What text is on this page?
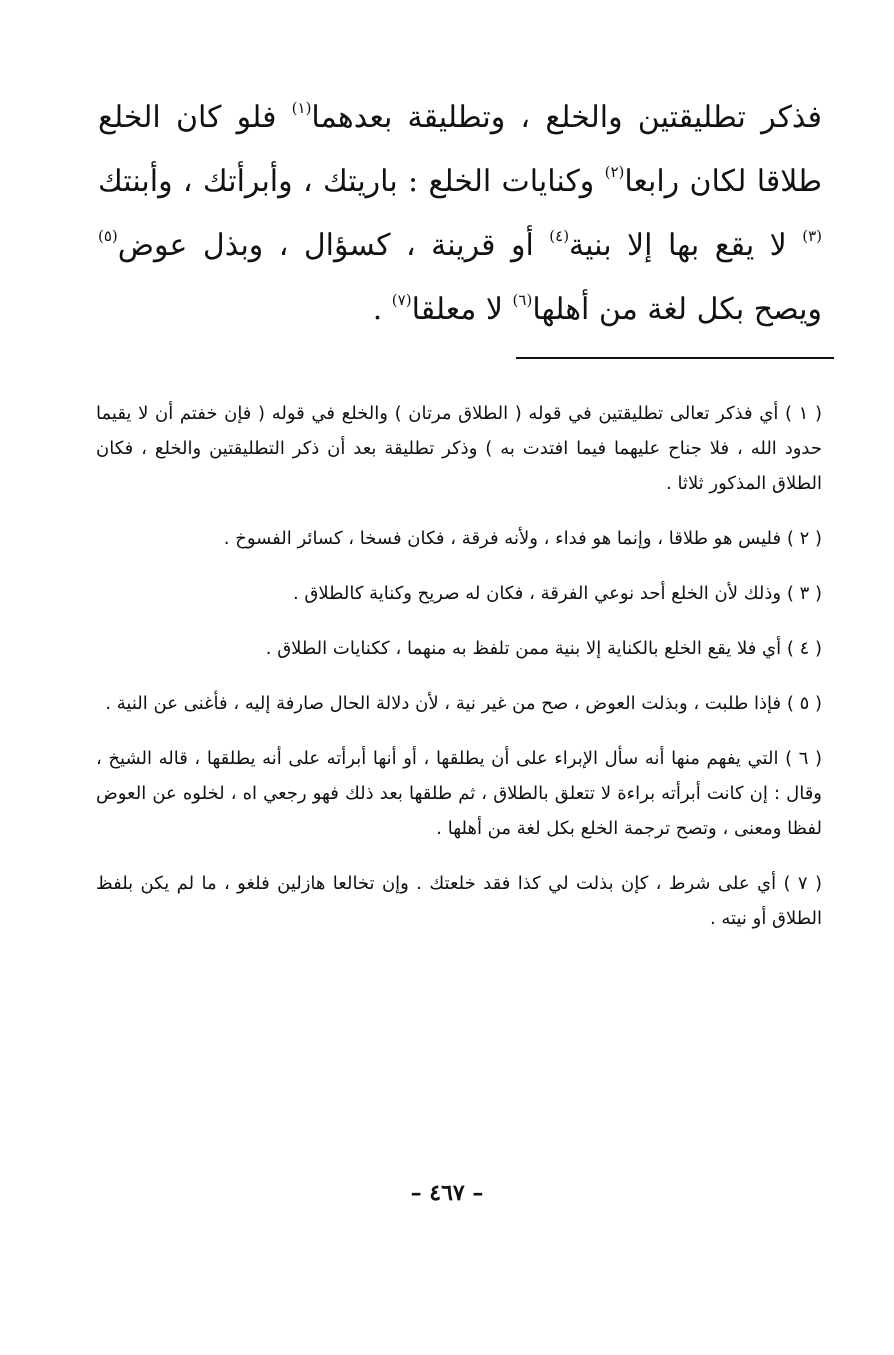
فذكر تطليقتين والخلع ، وتطليقة بعدهما$^{(١)}$ فلو كان الخلع طلاقا لكان رابعا$^{(٢)}$ وكنايات الخلع : باريتك ، وأبرأتك ، وأبنتك $^{(٣)}$ لا يقع بها إلا بنية$^{(٤)}$ أو قرينة ، كسؤال ، وبذل عوض$^{(٥)}$ ويصح بكل لغة من أهلها$^{(٦)}$ لا معلقا$^{(٧)}$ .

( ١ ) أي فذكر تعالى تطليقتين في قوله ( الطلاق مرتان ) والخلع في قوله ( فإن خفتم أن لا يقيما حدود الله ، فلا جناح عليهما فيما افتدت به ) وذكر تطليقة بعد أن ذكر التطليقتين والخلع ، فكان الطلاق المذكور ثلاثا .

( ٢ ) فليس هو طلاقا ، وإنما هو فداء ، ولأنه فرقة ، فكان فسخا ، كسائر الفسوخ .

( ٣ ) وذلك لأن الخلع أحد نوعي الفرقة ، فكان له صريح وكناية كالطلاق .

( ٤ ) أي فلا يقع الخلع بالكناية إلا بنية ممن تلفظ به منهما ، ككنايات الطلاق .

( ٥ ) فإذا طلبت ، وبذلت العوض ، صح من غير نية ، لأن دلالة الحال صارفة إليه ، فأغنى عن النية .

( ٦ ) التي يفهم منها أنه سأل الإبراء على أن يطلقها ، أو أنها أبرأته على أنه يطلقها ، قاله الشيخ ، وقال : إن كانت أبرأته براءة لا تتعلق بالطلاق ، ثم طلقها بعد ذلك فهو رجعي اه ، لخلوه عن العوض لفظا ومعنى ، وتصح ترجمة الخلع بكل لغة من أهلها .

( ٧ ) أي على شرط ، كإن بذلت لي كذا فقد خلعتك . وإن تخالعا هازلين فلغو ، ما لم يكن بلفظ الطلاق أو نيته .

– ٤٦٧ –
